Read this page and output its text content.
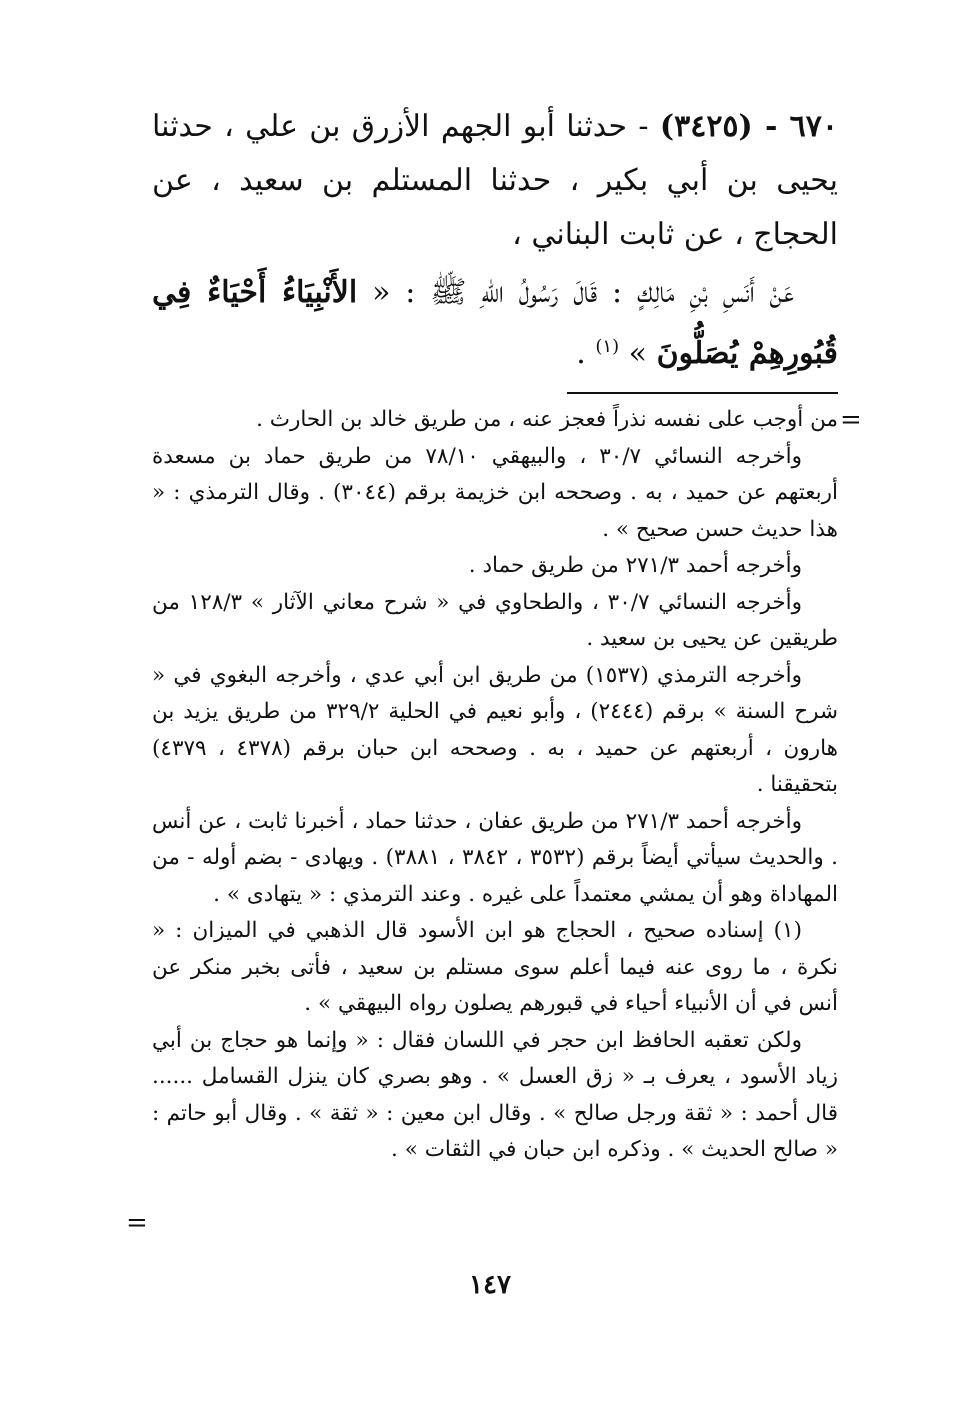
٦٧٠ - (٣٤٢٥) - حدثنا أبو الجهم الأزرق بن علي ، حدثنا يحيى بن أبي بكير ، حدثنا المستلم بن سعيد ، عن الحجاج ، عن ثابت البناني ،

عَنْ أَنَسِ بْنِ مَالِكٍ : قَالَ رَسُولُ اللهِ ﷺ : « الأَنْبِيَاءُ أَحْيَاءٌ فِي قُبُورِهِمْ يُصَلُّونَ » $^{(١)}$ .

=

من أوجب على نفسه نذراً فعجز عنه ، من طريق خالد بن الحارث .

وأخرجه النسائي ٣٠/٧ ، والبيهقي ٧٨/١٠ من طريق حماد بن مسعدة أربعتهم عن حميد ، به . وصححه ابن خزيمة برقم (٣٠٤٤) . وقال الترمذي : « هذا حديث حسن صحيح » .

وأخرجه أحمد ٢٧١/٣ من طريق حماد .

وأخرجه النسائي ٣٠/٧ ، والطحاوي في « شرح معاني الآثار » ١٢٨/٣ من طريقين عن يحيى بن سعيد .

وأخرجه الترمذي (١٥٣٧) من طريق ابن أبي عدي ، وأخرجه البغوي في « شرح السنة » برقم (٢٤٤٤) ، وأبو نعيم في الحلية ٣٢٩/٢ من طريق يزيد بن هارون ، أربعتهم عن حميد ، به . وصححه ابن حبان برقم (٤٣٧٨ ، ٤٣٧٩) بتحقيقنا .

وأخرجه أحمد ٢٧١/٣ من طريق عفان ، حدثنا حماد ، أخبرنا ثابت ، عن أنس . والحديث سيأتي أيضاً برقم (٣٥٣٢ ، ٣٨٤٢ ، ٣٨٨١) . ويهادى - بضم أوله - من المهاداة وهو أن يمشي معتمداً على غيره . وعند الترمذي : « يتهادى » .

(١) إسناده صحيح ، الحجاج هو ابن الأسود قال الذهبي في الميزان : « نكرة ، ما روى عنه فيما أعلم سوى مستلم بن سعيد ، فأتى بخبر منكر عن أنس في أن الأنبياء أحياء في قبورهم يصلون رواه البيهقي » .

ولكن تعقبه الحافظ ابن حجر في اللسان فقال : « وإنما هو حجاج بن أبي زياد الأسود ، يعرف بـ « زق العسل » . وهو بصري كان ينزل القسامل ...... قال أحمد : « ثقة ورجل صالح » . وقال ابن معين : « ثقة » . وقال أبو حاتم : « صالح الحديث » . وذكره ابن حبان في الثقات » .

=
١٤٧
